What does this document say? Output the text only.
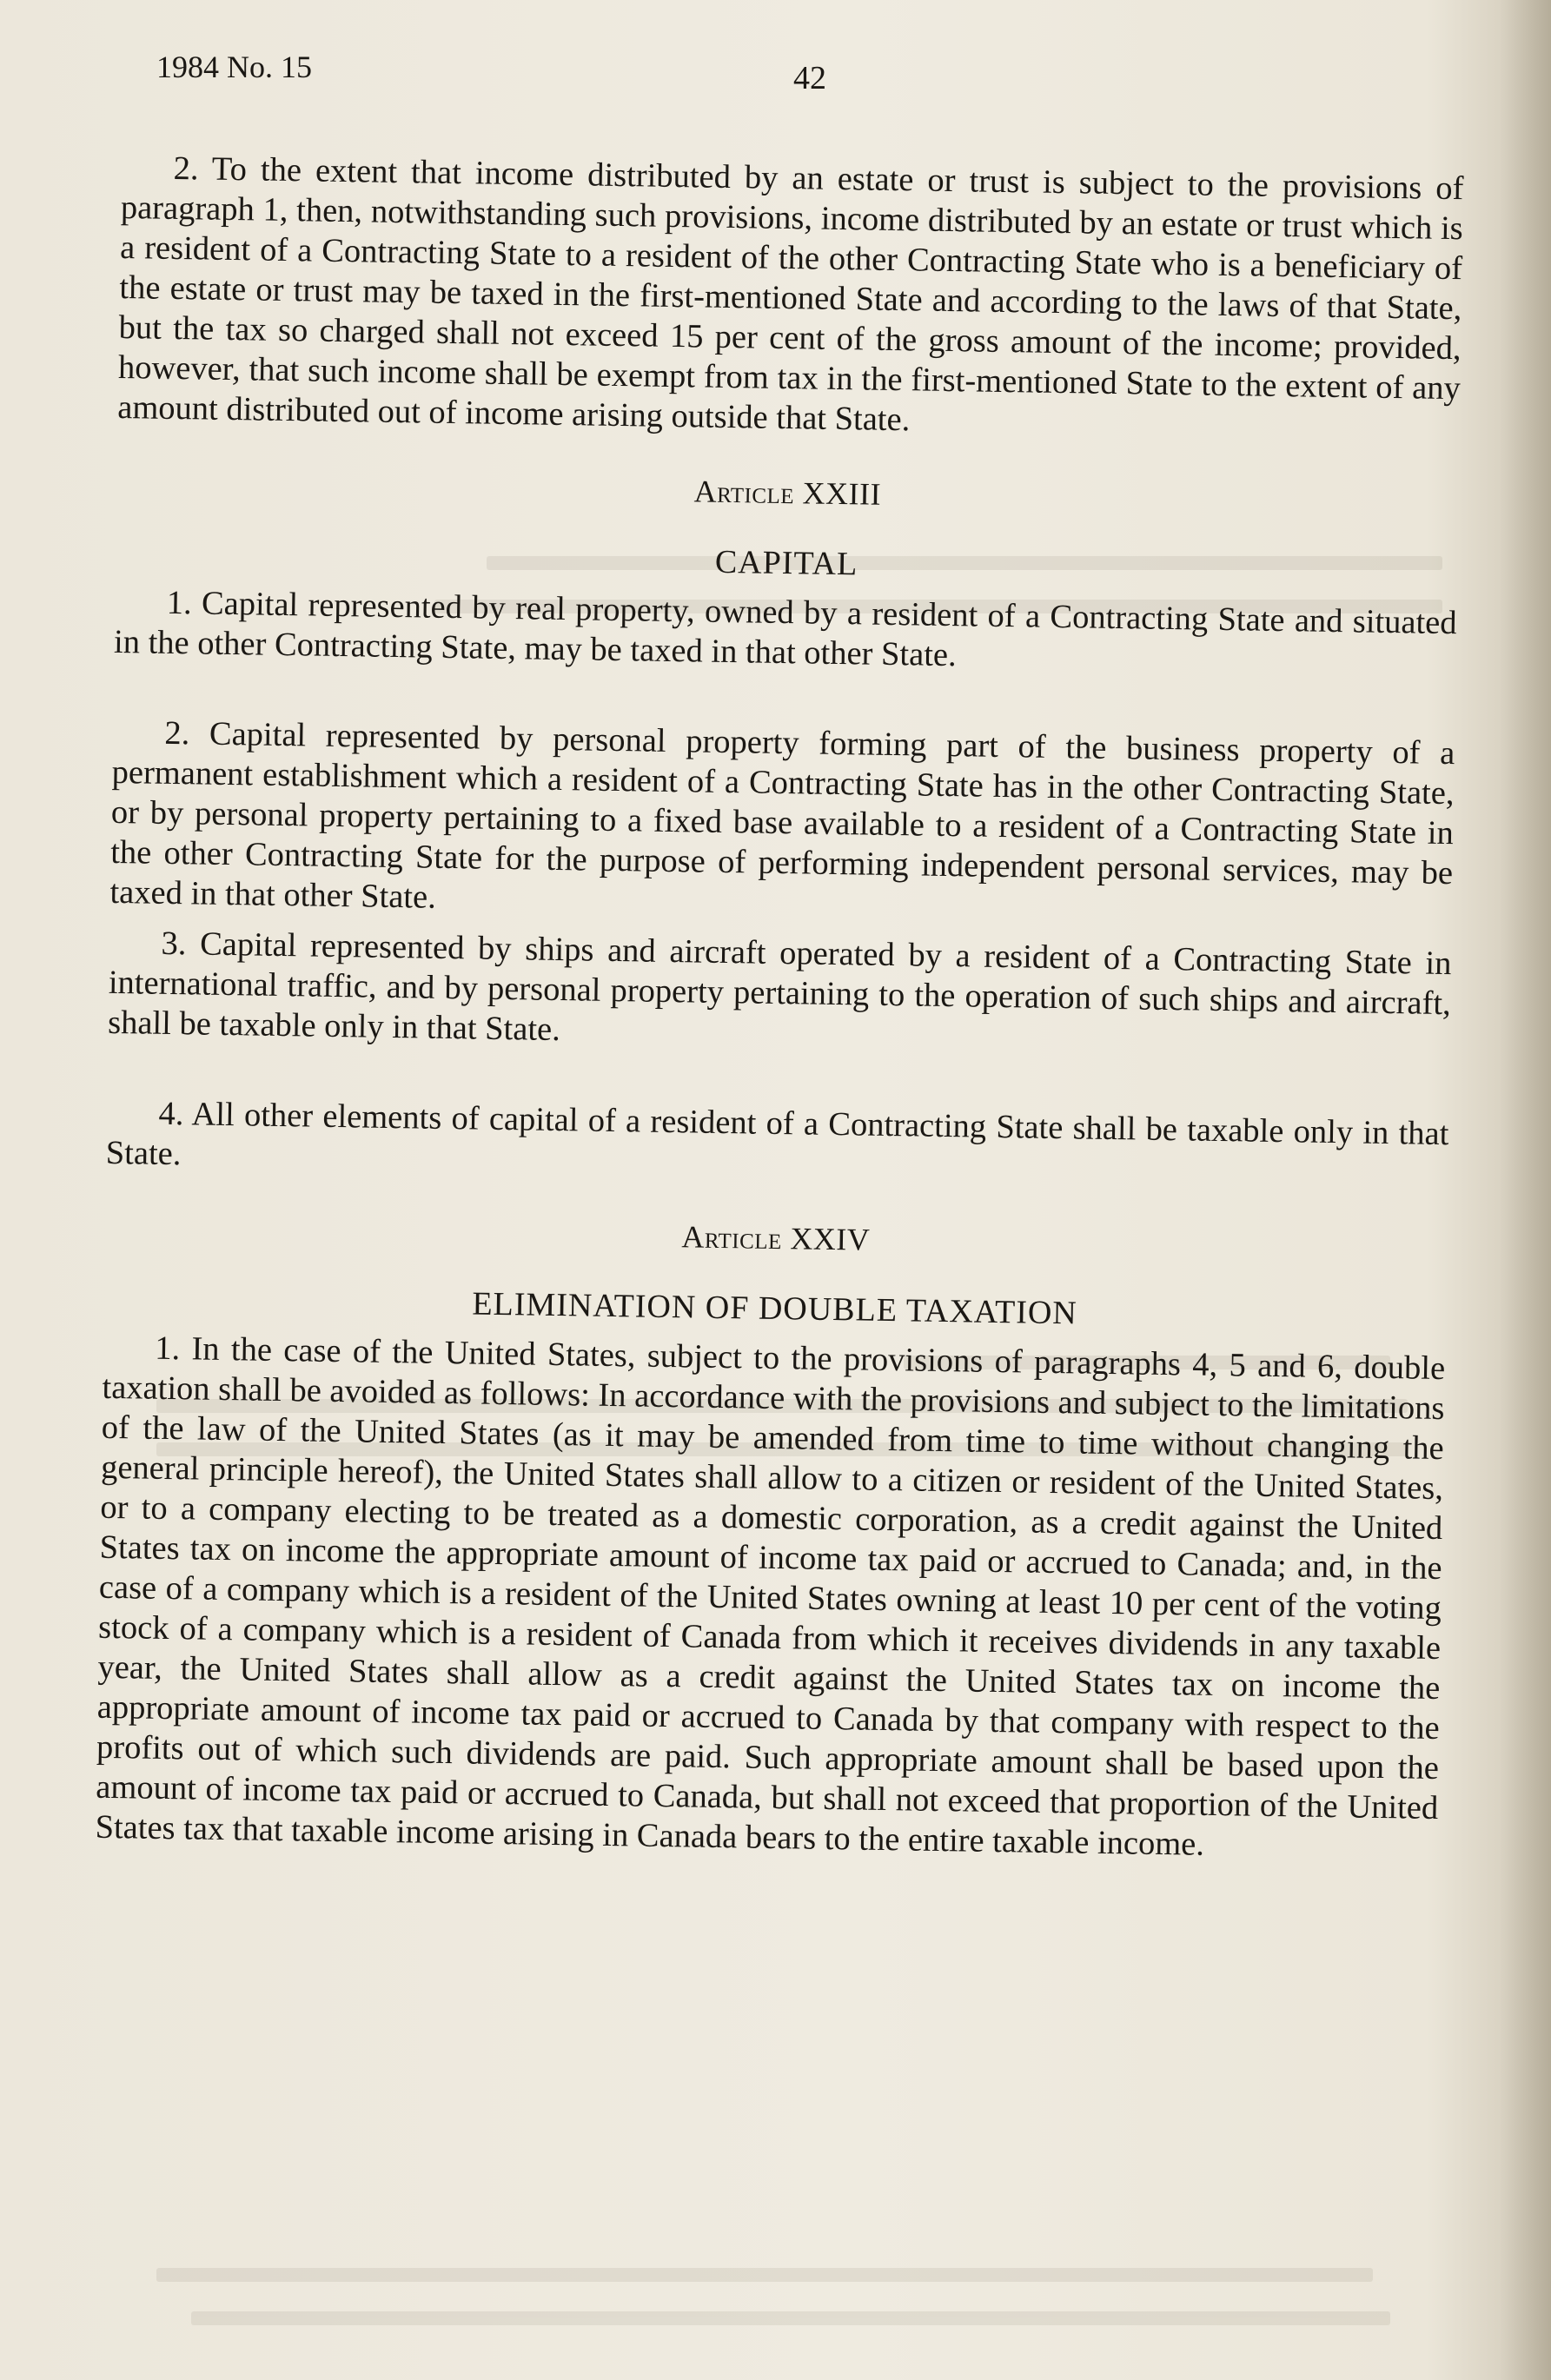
1984 No. 15	42

2. To the extent that income distributed by an estate or trust is subject to the provisions of paragraph 1, then, notwithstanding such provisions, income distributed by an estate or trust which is a resident of a Contracting State to a resident of the other Contracting State who is a beneficiary of the estate or trust may be taxed in the first-mentioned State and according to the laws of that State, but the tax so charged shall not exceed 15 per cent of the gross amount of the income; provided, however, that such income shall be exempt from tax in the first-mentioned State to the extent of any amount distributed out of income arising outside that State.

Article XXIII
CAPITAL

1. Capital represented by real property, owned by a resident of a Contracting State and situated in the other Contracting State, may be taxed in that other State.

2. Capital represented by personal property forming part of the business property of a permanent establishment which a resident of a Contracting State has in the other Contracting State, or by personal property pertaining to a fixed base available to a resident of a Contracting State in the other Contracting State for the purpose of performing independent personal services, may be taxed in that other State.

3. Capital represented by ships and aircraft operated by a resident of a Contracting State in international traffic, and by personal property pertaining to the operation of such ships and aircraft, shall be taxable only in that State.

4. All other elements of capital of a resident of a Contracting State shall be taxable only in that State.

Article XXIV
ELIMINATION OF DOUBLE TAXATION

1. In the case of the United States, subject to the provisions of paragraphs 4, 5 and 6, double taxation shall be avoided as follows: In accordance with the provisions and subject to the limitations of the law of the United States (as it may be amended from time to time without changing the general principle hereof), the United States shall allow to a citizen or resident of the United States, or to a company electing to be treated as a domestic corporation, as a credit against the United States tax on income the appropriate amount of income tax paid or accrued to Canada; and, in the case of a company which is a resident of the United States owning at least 10 per cent of the voting stock of a company which is a resident of Canada from which it receives dividends in any taxable year, the United States shall allow as a credit against the United States tax on income the appropriate amount of income tax paid or accrued to Canada by that company with respect to the profits out of which such dividends are paid. Such appropriate amount shall be based upon the amount of income tax paid or accrued to Canada, but shall not exceed that proportion of the United States tax that taxable income arising in Canada bears to the entire taxable income.
